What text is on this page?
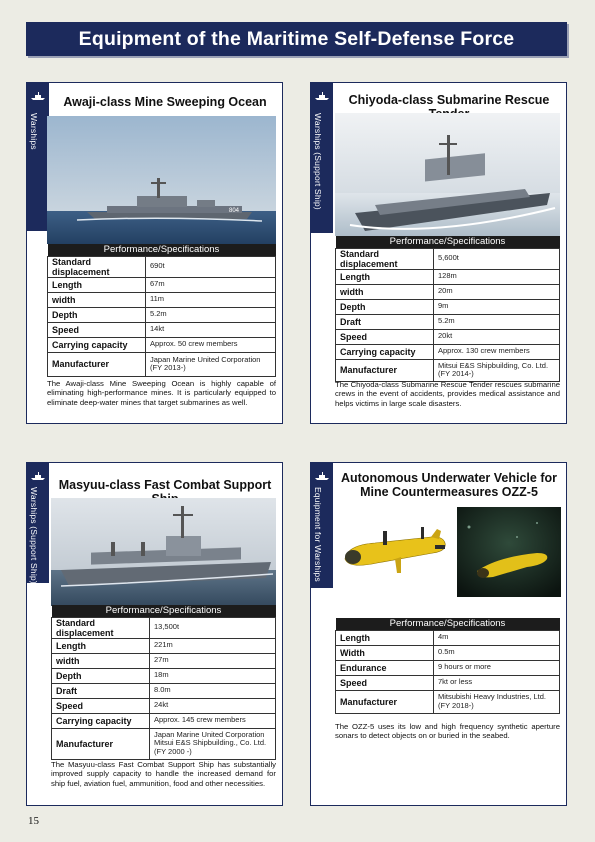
Equipment of the Maritime Self-Defense Force
Warships
Awaji-class Mine Sweeping Ocean
804
Performance/Specifications	
Standard displacement	690t
Length	67m
width	11m
Depth	5.2m
Speed	14kt
Carrying capacity	Approx. 50 crew members
Manufacturer	Japan Marine United Corporation
(FY 2013-)
The Awaji-class Mine Sweeping Ocean is highly capable of eliminating high-performance mines. It is particularly equipped to eliminate deep-water mines that target submarines as well.
Warships (Support Ship)
Chiyoda-class Submarine Rescue
Performance/Specifications	
Standard displacement	5,600t
Length	128m
width	20m
Depth	9m
Draft	5.2m
Speed	20kt
Carrying capacity	Approx. 130 crew members
Manufacturer	Mitsui E&S Shipbuilding, Co. Ltd.
(FY 2014-)
The Chiyoda-class Submarine Rescue Tender rescues submarine crews in the event of accidents, provides medical assistance and helps victims in large scale disasters.
Warships (Support Ship)
Masyuu-class Fast Combat Support
Performance/Specifications	
Standard displacement	13,500t
Length	221m
width	27m
Depth	18m
Draft	8.0m
Speed	24kt
Carrying capacity	Approx. 145 crew members
Manufacturer	Japan Marine United Corporation
Mitsui E&S Shipbuilding., Co. Ltd.
(FY 2000 -)
The Masyuu-class Fast Combat Support Ship has substantially improved supply capacity to handle the increased demand for ship fuel, aviation fuel, ammunition, food and other necessities.
Equipment for Warships
Autonomous Underwater Vehicle for
Mine Countermeasures OZZ-5
Performance/Specifications	
Length	4m
Width	0.5m
Endurance	9 hours or more
Speed	7kt or less
Manufacturer	Mitsubishi Heavy Industries, Ltd.
(FY 2018-)
The OZZ-5 uses its low and high frequency synthetic aperture sonars to detect objects on or buried in the seabed.
15
